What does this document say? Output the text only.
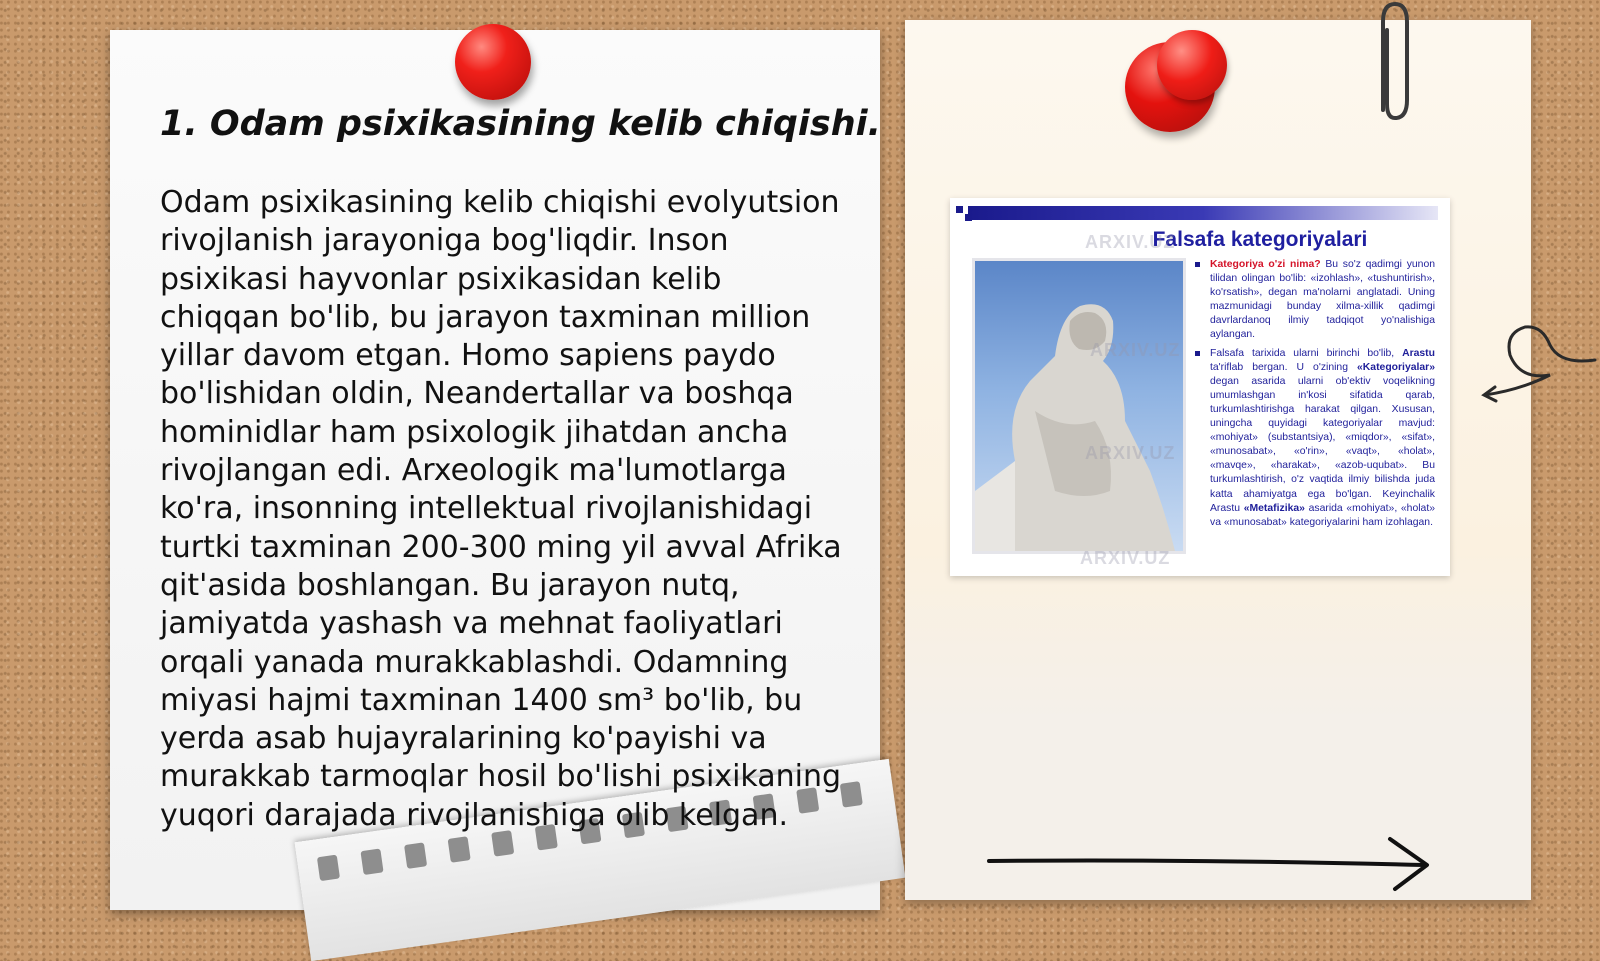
1. Odam psixikasining kelib chiqishi.

Odam psixikasining kelib chiqishi evolyutsion rivojlanish jarayoniga bog'liqdir. Inson psixikasi hayvonlar psixikasidan kelib chiqqan bo'lib, bu jarayon taxminan million yillar davom etgan. Homo sapiens paydo bo'lishidan oldin, Neandertallar va boshqa hominidlar ham psixologik jihatdan ancha rivojlangan edi. Arxeologik ma'lumotlarga ko'ra, insonning intellektual rivojlanishidagi turtki taxminan 200-300 ming yil avval Afrika qit'asida boshlangan. Bu jarayon nutq, jamiyatda yashash va mehnat faoliyatlari orqali yanada murakkablashdi. Odamning miyasi hajmi taxminan 1400 sm³ bo'lib, bu yerda asab hujayralarining ko'payishi va murakkab tarmoqlar hosil bo'lishi psixikaning yuqori darajada rivojlanishiga olib kelgan.

Falsafa kategoriyalari

Kategoriya o'zi nima? Bu so'z qadimgi yunon tilidan olingan bo'lib: «izohlash», «tushuntirish», ko'rsatish», degan ma'nolarni anglatadi. Uning mazmunidagi bunday xilma-xillik qadimgi davrlardanoq ilmiy tadqiqot yo'nalishiga aylangan.

Falsafa tarixida ularni birinchi bo'lib, Arastu ta'riflab bergan. U o'zining «Kategoriyalar» degan asarida ularni ob'ektiv voqelikning umumlashgan in'kosi sifatida qarab, turkumlashtirishga harakat qilgan. Xususan, uningcha quyidagi kategoriyalar mavjud: «mohiyat» (substantsiya), «miqdor», «sifat», «munosabat», «o'rin», «vaqt», «holat», «mavqe», «harakat», «azob-uqubat». Bu turkumlashtirish, o'z vaqtida ilmiy bilishda juda katta ahamiyatga ega bo'lgan. Keyinchalik Arastu «Metafizika» asarida «mohiyat», «holat» va «munosabat» kategoriyalarini ham izohlagan.

ARXIV.UZ
ARXIV.UZ
ARXIV.UZ
ARXIV.UZ
